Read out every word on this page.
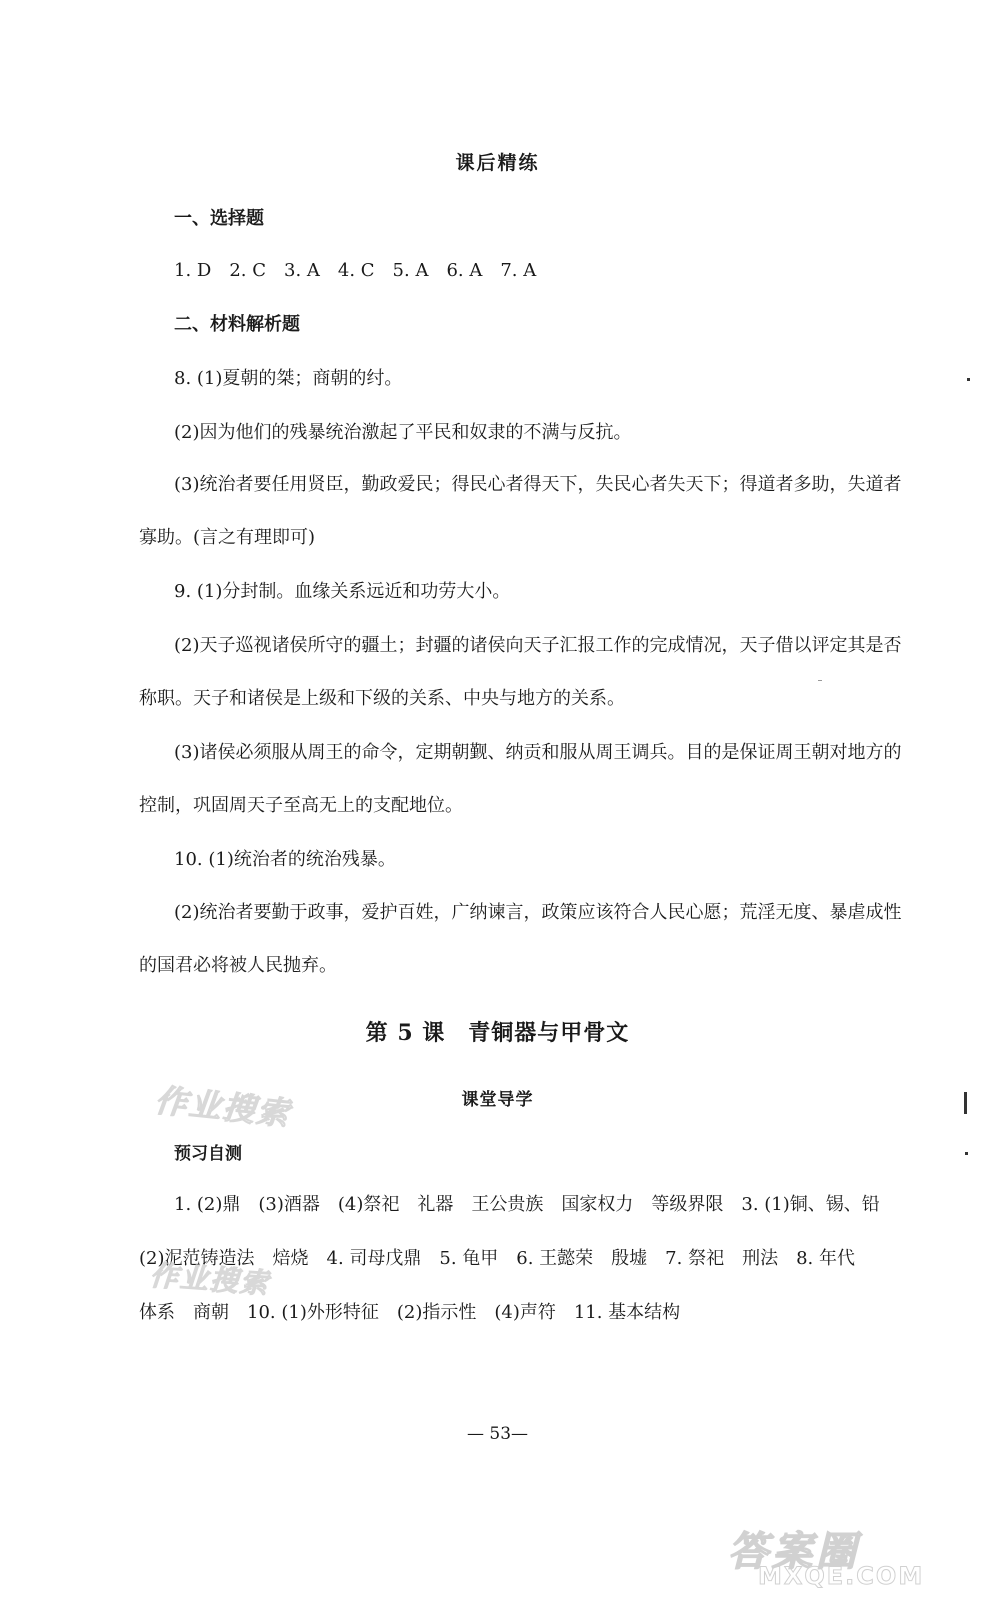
课后精练
一、选择题
1. D　2. C　3. A　4. C　5. A　6. A　7. A
二、材料解析题
8. (1)夏朝的桀；商朝的纣。
(2)因为他们的残暴统治激起了平民和奴隶的不满与反抗。
(3)统治者要任用贤臣，勤政爱民；得民心者得天下，失民心者失天下；得道者多助，失道者
寡助。(言之有理即可)
9. (1)分封制。血缘关系远近和功劳大小。
(2)天子巡视诸侯所守的疆土；封疆的诸侯向天子汇报工作的完成情况，天子借以评定其是否
称职。天子和诸侯是上级和下级的关系、中央与地方的关系。
(3)诸侯必须服从周王的命令，定期朝觐、纳贡和服从周王调兵。目的是保证周王朝对地方的
控制，巩固周天子至高无上的支配地位。
10. (1)统治者的统治残暴。
(2)统治者要勤于政事，爱护百姓，广纳谏言，政策应该符合人民心愿；荒淫无度、暴虐成性
的国君必将被人民抛弃。
第 5 课　青铜器与甲骨文
课堂导学
预习自测
1. (2)鼎　(3)酒器　(4)祭祀　礼器　王公贵族　国家权力　等级界限　3. (1)铜、锡、铅
(2)泥范铸造法　焙烧　4. 司母戊鼎　5. 龟甲　6. 王懿荣　殷墟　7. 祭祀　刑法　8. 年代
体系　商朝　10. (1)外形特征　(2)指示性　(4)声符　11. 基本结构
— 53—
作业搜索
作业搜索
答案圈
MXQE.COM
